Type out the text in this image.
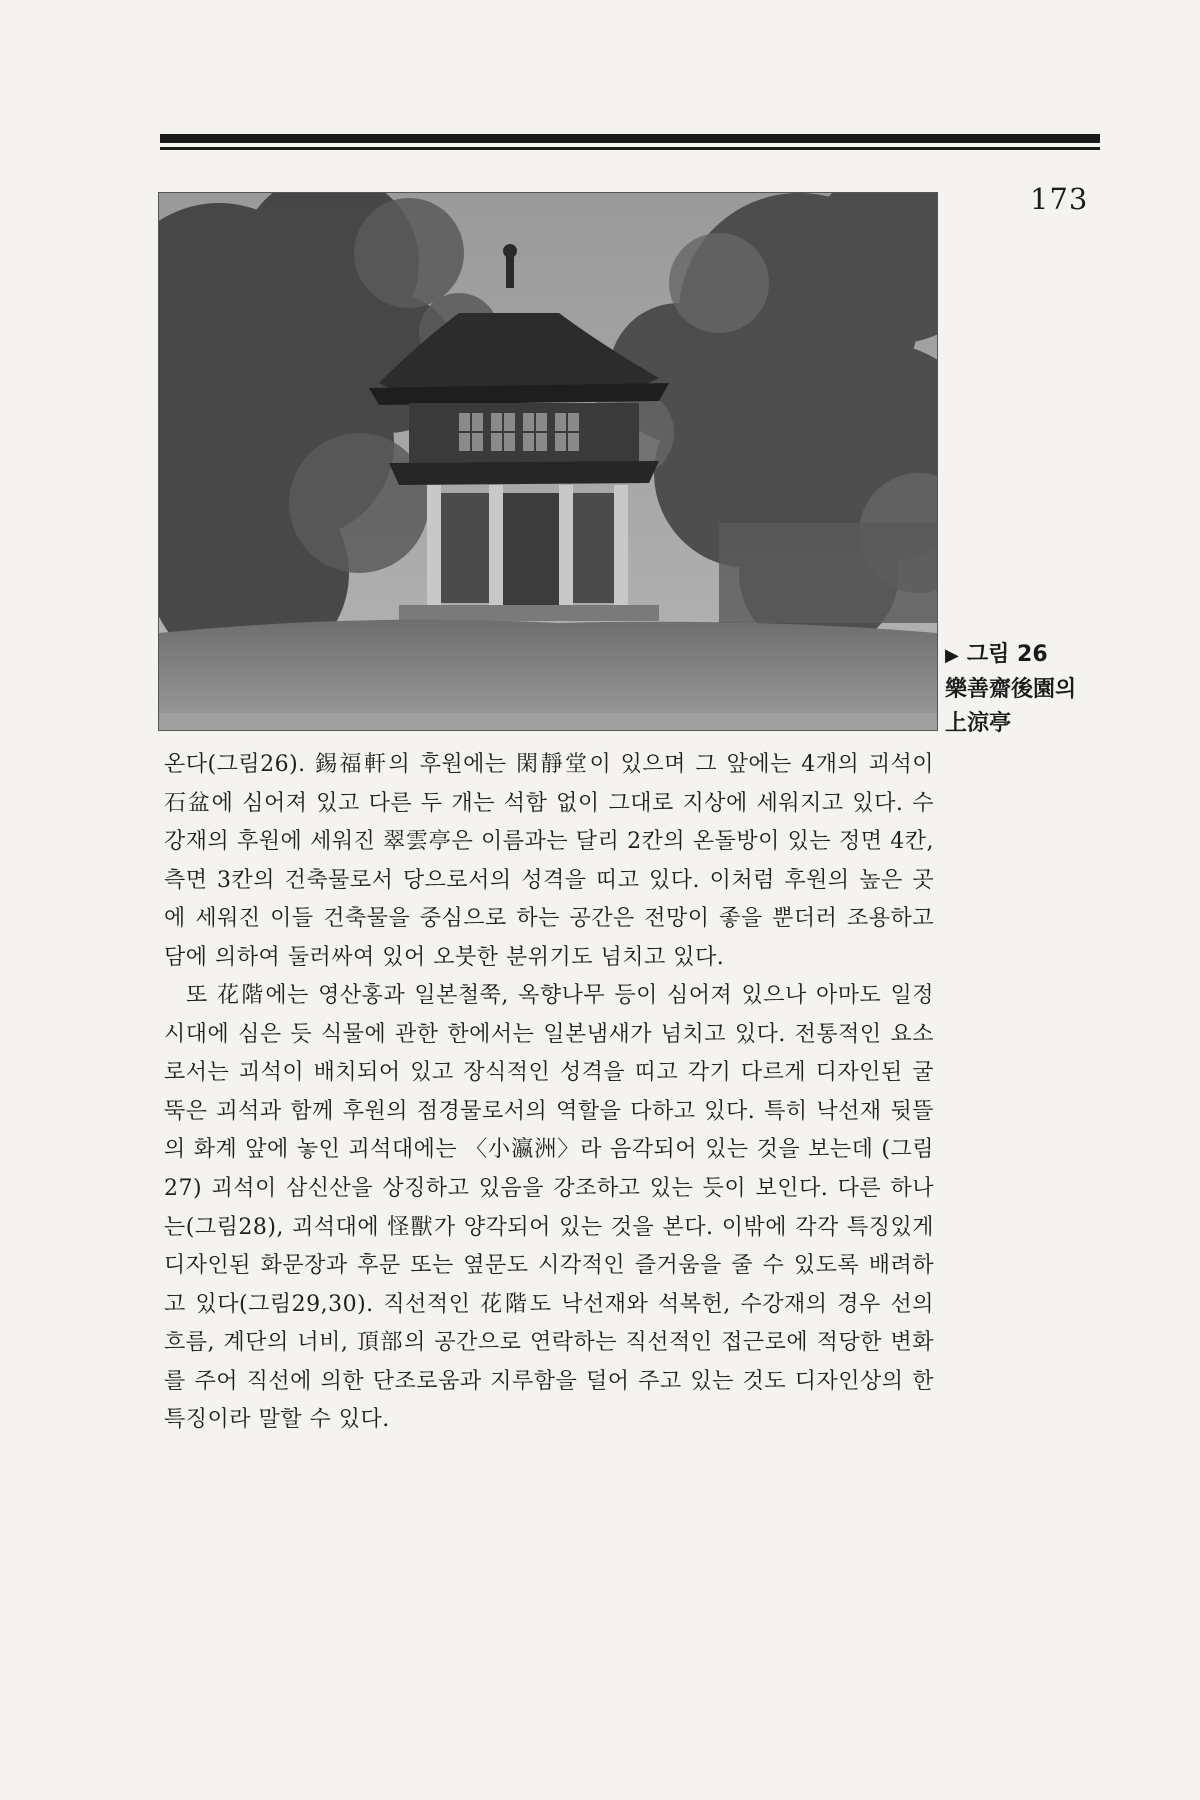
173
▶ 그림 26
樂善齋後園의
上涼亭

온다(그림26). 錫福軒의 후원에는 閑靜堂이 있으며 그 앞에는 4개의 괴석이 石盆에 심어져 있고 다른 두 개는 석함 없이 그대로 지상에 세워지고 있다. 수강재의 후원에 세워진 翠雲亭은 이름과는 달리 2칸의 온돌방이 있는 정면 4칸, 측면 3칸의 건축물로서 당으로서의 성격을 띠고 있다. 이처럼 후원의 높은 곳에 세워진 이들 건축물을 중심으로 하는 공간은 전망이 좋을 뿐더러 조용하고 담에 의하여 둘러싸여 있어 오붓한 분위기도 넘치고 있다.

또 花階에는 영산홍과 일본철쭉, 옥향나무 등이 심어져 있으나 아마도 일정시대에 심은 듯 식물에 관한 한에서는 일본냄새가 넘치고 있다. 전통적인 요소로서는 괴석이 배치되어 있고 장식적인 성격을 띠고 각기 다르게 디자인된 굴뚝은 괴석과 함께 후원의 점경물로서의 역할을 다하고 있다. 특히 낙선재 뒷뜰의 화계 앞에 놓인 괴석대에는 〈小瀛洲〉라 음각되어 있는 것을 보는데 (그림27) 괴석이 삼신산을 상징하고 있음을 강조하고 있는 듯이 보인다. 다른 하나는(그림28), 괴석대에 怪獸가 양각되어 있는 것을 본다. 이밖에 각각 특징있게 디자인된 화문장과 후문 또는 옆문도 시각적인 즐거움을 줄 수 있도록 배려하고 있다(그림29,30). 직선적인 花階도 낙선재와 석복헌, 수강재의 경우 선의 흐름, 계단의 너비, 頂部의 공간으로 연락하는 직선적인 접근로에 적당한 변화를 주어 직선에 의한 단조로움과 지루함을 덜어 주고 있는 것도 디자인상의 한 특징이라 말할 수 있다.
